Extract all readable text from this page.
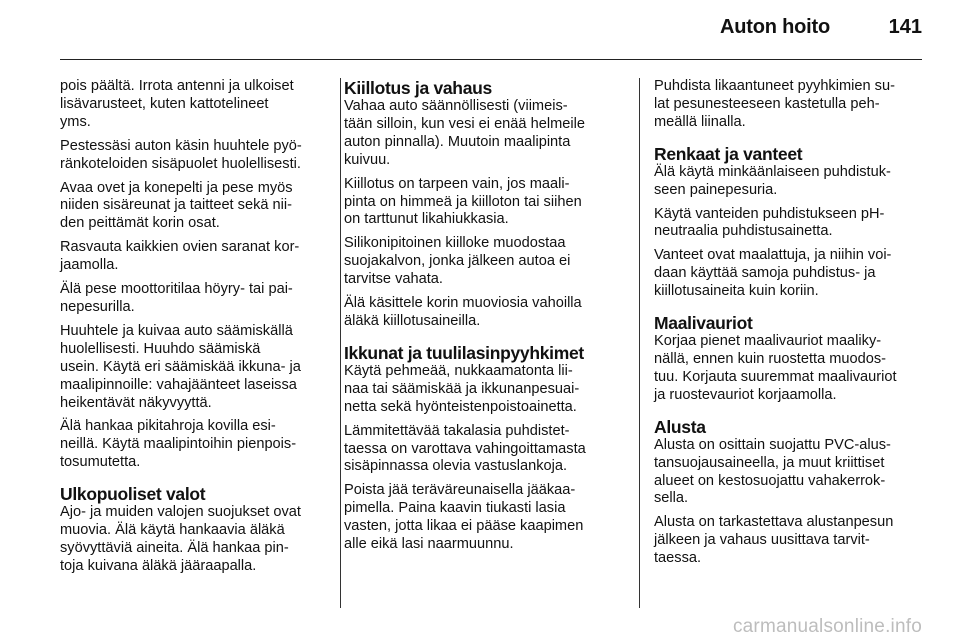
Auton hoito	141
pois päältä. Irrota antenni ja ulkoiset
lisävarusteet, kuten kattotelineet
yms.
Pestessäsi auton käsin huuhtele pyö-
ränkoteloiden sisäpuolet huolellisesti.
Avaa ovet ja konepelti ja pese myös
niiden sisäreunat ja taitteet sekä nii-
den peittämät korin osat.
Rasvauta kaikkien ovien saranat kor-
jaamolla.
Älä pese moottoritilaa höyry- tai pai-
nepesurilla.
Huuhtele ja kuivaa auto säämiskällä
huolellisesti. Huuhdo säämiskä
usein. Käytä eri säämiskää ikkuna- ja
maalipinnoille: vahajäänteet laseissa
heikentävät näkyvyyttä.
Älä hankaa pikitahroja kovilla esi-
neillä. Käytä maalipintoihin pienpois-
tosumutetta.
Ulkopuoliset valot
Ajo- ja muiden valojen suojukset ovat
muovia. Älä käytä hankaavia äläkä
syövyttäviä aineita. Älä hankaa pin-
toja kuivana äläkä jääraapalla.
Kiillotus ja vahaus
Vahaa auto säännöllisesti (viimeis-
tään silloin, kun vesi ei enää helmeile
auton pinnalla). Muutoin maalipinta
kuivuu.
Kiillotus on tarpeen vain, jos maali-
pinta on himmeä ja kiilloton tai siihen
on tarttunut likahiukkasia.
Silikonipitoinen kiilloke muodostaa
suojakalvon, jonka jälkeen autoa ei
tarvitse vahata.
Älä käsittele korin muoviosia vahoilla
äläkä kiillotusaineilla.
Ikkunat ja tuulilasinpyyhkimet
Käytä pehmeää, nukkaamatonta lii-
naa tai säämiskää ja ikkunanpesuai-
netta sekä hyönteistenpoistoainetta.
Lämmitettävää takalasia puhdistet-
taessa on varottava vahingoittamasta
sisäpinnassa olevia vastuslankoja.
Poista jää teräväreunaisella jääkaa-
pimella. Paina kaavin tiukasti lasia
vasten, jotta likaa ei pääse kaapimen
alle eikä lasi naarmuunnu.
Puhdista likaantuneet pyyhkimien su-
lat pesunesteeseen kastetulla peh-
meällä liinalla.
Renkaat ja vanteet
Älä käytä minkäänlaiseen puhdistuk-
seen painepesuria.
Käytä vanteiden puhdistukseen pH-
neutraalia puhdistusainetta.
Vanteet ovat maalattuja, ja niihin voi-
daan käyttää samoja puhdistus- ja
kiillotusaineita kuin koriin.
Maalivauriot
Korjaa pienet maalivauriot maaliky-
nällä, ennen kuin ruostetta muodos-
tuu. Korjauta suuremmat maalivauriot
ja ruostevauriot korjaamolla.
Alusta
Alusta on osittain suojattu PVC-alus-
tansuojausaineella, ja muut kriittiset
alueet on kestosuojattu vahakerrok-
sella.
Alusta on tarkastettava alustanpesun
jälkeen ja vahaus uusittava tarvit-
taessa.
carmanualsonline.info
